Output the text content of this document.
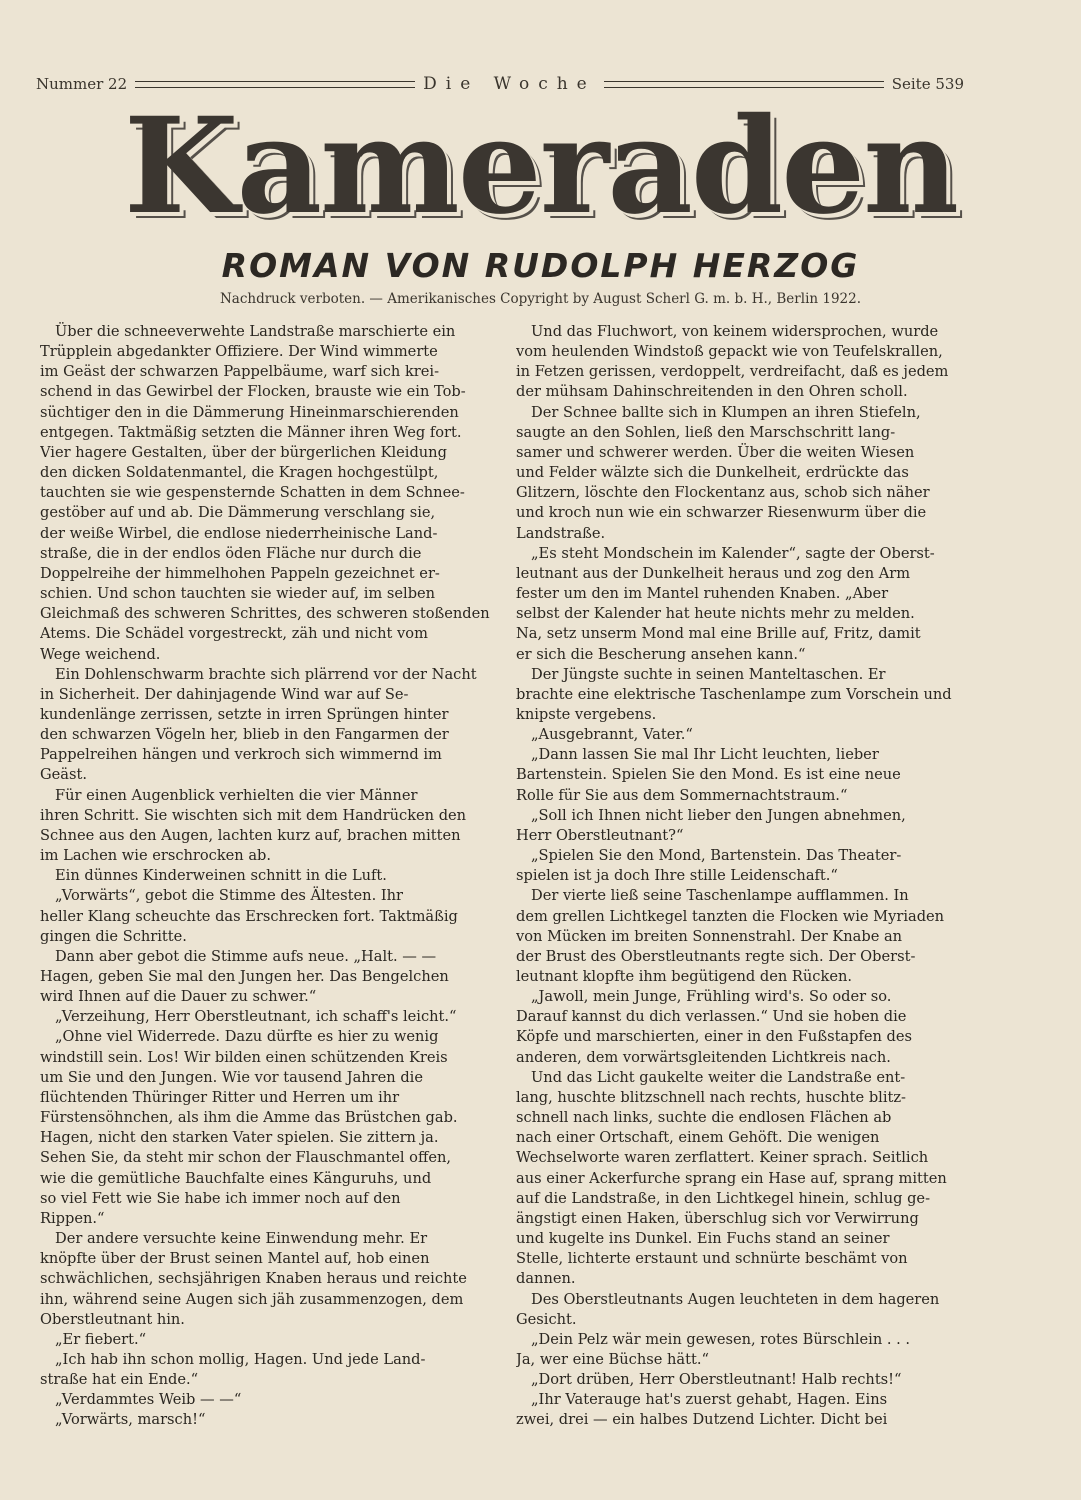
Nummer 22	Die Woche	Seite 539
Kameraden
ROMAN VON RUDOLPH HERZOG
Nachdruck verboten. — Amerikanisches Copyright by August Scherl G. m. b. H., Berlin 1922.

Über die schneeverwehte Landstraße marschierte ein
Trüpplein abgedankter Offiziere. Der Wind wimmerte
im Geäst der schwarzen Pappelbäume, warf sich krei-
schend in das Gewirbel der Flocken, brauste wie ein Tob-
süchtiger den in die Dämmerung Hineinmarschierenden
entgegen. Taktmäßig setzten die Männer ihren Weg fort.
Vier hagere Gestalten, über der bürgerlichen Kleidung
den dicken Soldatenmantel, die Kragen hochgestülpt,
tauchten sie wie gespensternde Schatten in dem Schnee-
gestöber auf und ab. Die Dämmerung verschlang sie,
der weiße Wirbel, die endlose niederrheinische Land-
straße, die in der endlos öden Fläche nur durch die
Doppelreihe der himmelhohen Pappeln gezeichnet er-
schien. Und schon tauchten sie wieder auf, im selben
Gleichmaß des schweren Schrittes, des schweren stoßenden
Atems. Die Schädel vorgestreckt, zäh und nicht vom
Wege weichend.

Ein Dohlenschwarm brachte sich plärrend vor der Nacht
in Sicherheit. Der dahinjagende Wind war auf Se-
kundenlänge zerrissen, setzte in irren Sprüngen hinter
den schwarzen Vögeln her, blieb in den Fangarmen der
Pappelreihen hängen und verkroch sich wimmernd im
Geäst.

Für einen Augenblick verhielten die vier Männer
ihren Schritt. Sie wischten sich mit dem Handrücken den
Schnee aus den Augen, lachten kurz auf, brachen mitten
im Lachen wie erschrocken ab.

Ein dünnes Kinderweinen schnitt in die Luft.

„Vorwärts“, gebot die Stimme des Ältesten. Ihr
heller Klang scheuchte das Erschrecken fort. Taktmäßig
gingen die Schritte.

Dann aber gebot die Stimme aufs neue. „Halt. — —
Hagen, geben Sie mal den Jungen her. Das Bengelchen
wird Ihnen auf die Dauer zu schwer.“

„Verzeihung, Herr Oberstleutnant, ich schaff's leicht.“

„Ohne viel Widerrede. Dazu dürfte es hier zu wenig
windstill sein. Los! Wir bilden einen schützenden Kreis
um Sie und den Jungen. Wie vor tausend Jahren die
flüchtenden Thüringer Ritter und Herren um ihr
Fürstensöhnchen, als ihm die Amme das Brüstchen gab.
Hagen, nicht den starken Vater spielen. Sie zittern ja.
Sehen Sie, da steht mir schon der Flauschmantel offen,
wie die gemütliche Bauchfalte eines Känguruhs, und
so viel Fett wie Sie habe ich immer noch auf den
Rippen.“

Der andere versuchte keine Einwendung mehr. Er
knöpfte über der Brust seinen Mantel auf, hob einen
schwächlichen, sechsjährigen Knaben heraus und reichte
ihn, während seine Augen sich jäh zusammenzogen, dem
Oberstleutnant hin.

„Er fiebert.“

„Ich hab ihn schon mollig, Hagen. Und jede Land-
straße hat ein Ende.“

„Verdammtes Weib — —“

„Vorwärts, marsch!“

Und das Fluchwort, von keinem widersprochen, wurde
vom heulenden Windstoß gepackt wie von Teufelskrallen,
in Fetzen gerissen, verdoppelt, verdreifacht, daß es jedem
der mühsam Dahinschreitenden in den Ohren scholl.

Der Schnee ballte sich in Klumpen an ihren Stiefeln,
saugte an den Sohlen, ließ den Marschschritt lang-
samer und schwerer werden. Über die weiten Wiesen
und Felder wälzte sich die Dunkelheit, erdrückte das
Glitzern, löschte den Flockentanz aus, schob sich näher
und kroch nun wie ein schwarzer Riesenwurm über die
Landstraße.

„Es steht Mondschein im Kalender“, sagte der Oberst-
leutnant aus der Dunkelheit heraus und zog den Arm
fester um den im Mantel ruhenden Knaben. „Aber
selbst der Kalender hat heute nichts mehr zu melden.
Na, setz unserm Mond mal eine Brille auf, Fritz, damit
er sich die Bescherung ansehen kann.“

Der Jüngste suchte in seinen Manteltaschen. Er
brachte eine elektrische Taschenlampe zum Vorschein und
knipste vergebens.

„Ausgebrannt, Vater.“

„Dann lassen Sie mal Ihr Licht leuchten, lieber
Bartenstein. Spielen Sie den Mond. Es ist eine neue
Rolle für Sie aus dem Sommernachtstraum.“

„Soll ich Ihnen nicht lieber den Jungen abnehmen,
Herr Oberstleutnant?“

„Spielen Sie den Mond, Bartenstein. Das Theater-
spielen ist ja doch Ihre stille Leidenschaft.“

Der vierte ließ seine Taschenlampe aufflammen. In
dem grellen Lichtkegel tanzten die Flocken wie Myriaden
von Mücken im breiten Sonnenstrahl. Der Knabe an
der Brust des Oberstleutnants regte sich. Der Oberst-
leutnant klopfte ihm begütigend den Rücken.

„Jawoll, mein Junge, Frühling wird's. So oder so.
Darauf kannst du dich verlassen.“ Und sie hoben die
Köpfe und marschierten, einer in den Fußstapfen des
anderen, dem vorwärtsgleitenden Lichtkreis nach.

Und das Licht gaukelte weiter die Landstraße ent-
lang, huschte blitzschnell nach rechts, huschte blitz-
schnell nach links, suchte die endlosen Flächen ab
nach einer Ortschaft, einem Gehöft. Die wenigen
Wechselworte waren zerflattert. Keiner sprach. Seitlich
aus einer Ackerfurche sprang ein Hase auf, sprang mitten
auf die Landstraße, in den Lichtkegel hinein, schlug ge-
ängstigt einen Haken, überschlug sich vor Verwirrung
und kugelte ins Dunkel. Ein Fuchs stand an seiner
Stelle, lichterte erstaunt und schnürte beschämt von
dannen.

Des Oberstleutnants Augen leuchteten in dem hageren
Gesicht.

„Dein Pelz wär mein gewesen, rotes Bürschlein . . .
Ja, wer eine Büchse hätt.“

„Dort drüben, Herr Oberstleutnant! Halb rechts!“

„Ihr Vaterauge hat's zuerst gehabt, Hagen. Eins
zwei, drei — ein halbes Dutzend Lichter. Dicht bei
